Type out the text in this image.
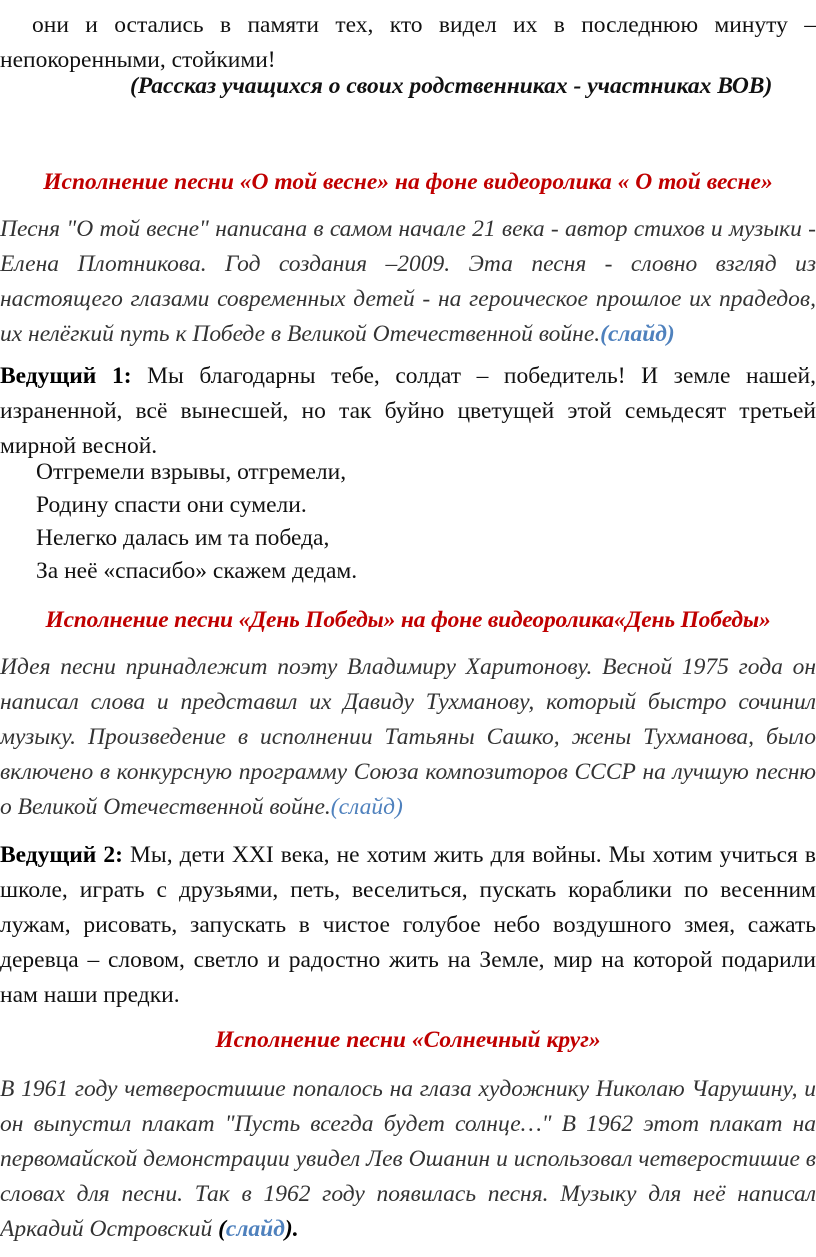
они и остались в памяти тех, кто видел их в последнюю минуту – непокоренными, стойкими!
(Рассказ учащихся о своих родственниках - участниках ВОВ)
Исполнение песни «О той весне» на фоне видеоролика « О той весне»
Песня "О той весне" написана в самом начале 21 века - автор стихов и музыки - Елена Плотникова. Год создания –2009. Эта песня - словно взгляд из настоящего глазами современных детей - на героическое прошлое их прадедов, их нелёгкий путь к Победе в Великой Отечественной войне.(слайд)
Ведущий 1: Мы благодарны тебе, солдат – победитель! И земле нашей, израненной, всё вынесшей, но так буйно цветущей этой семьдесят третьей мирной весной.
Отгремели взрывы, отгремели,
Родину спасти они сумели.
Нелегко далась им та победа,
За неё «спасибо» скажем дедам.
Исполнение песни «День Победы» на фоне видеоролика«День Победы»
Идея песни принадлежит поэту Владимиру Харитонову. Весной 1975 года он написал слова и представил их Давиду Тухманову, который быстро сочинил музыку. Произведение в исполнении Татьяны Сашко, жены Тухманова, было включено в конкурсную программу Союза композиторов СССР на лучшую песню о Великой Отечественной войне.(слайд)
Ведущий 2: Мы, дети XXI века, не хотим жить для войны. Мы хотим учиться в школе, играть с друзьями, петь, веселиться, пускать кораблики по весенним лужам, рисовать, запускать в чистое голубое небо воздушного змея, сажать деревца – словом, светло и радостно жить на Земле, мир на которой подарили нам наши предки.
Исполнение песни «Солнечный круг»
В 1961 году четверостишие попалось на глаза художнику Николаю Чарушину, и он выпустил плакат "Пусть всегда будет солнце…" В 1962 этот плакат на первомайской демонстрации увидел Лев Ошанин и использовал четверостишие в словах для песни. Так в 1962 году появилась песня. Музыку для неё написал Аркадий Островский (слайд).
